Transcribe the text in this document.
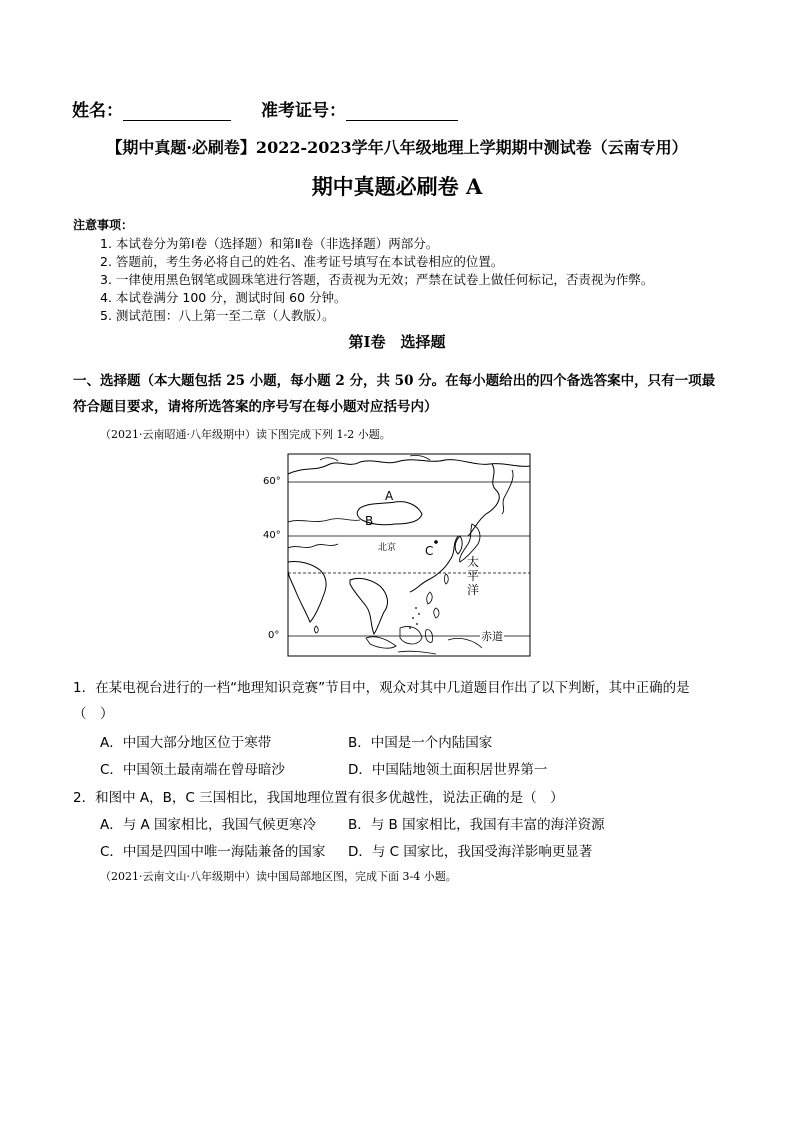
姓名：	准考证号：
【期中真题·必刷卷】2022-2023学年八年级地理上学期期中测试卷（云南专用）
期中真题必刷卷 A
注意事项：
1. 本试卷分为第Ⅰ卷（选择题）和第Ⅱ卷（非选择题）两部分。
2. 答题前，考生务必将自己的姓名、准考证号填写在本试卷相应的位置。
3. 一律使用黑色钢笔或圆珠笔进行答题，否责视为无效；严禁在试卷上做任何标记，否责视为作弊。
4. 本试卷满分 100 分，测试时间 60 分钟。
5. 测试范围：八上第一至二章（人教版）。
第Ⅰ卷　选择题
一、选择题（本大题包括 25 小题，每小题 2 分，共 50 分。在每小题给出的四个备选答案中，只有一项最
符合题目要求，请将所选答案的序号写在每小题对应括号内）
（2021·云南昭通·八年级期中）读下图完成下列 1-2 小题。
60°
40°
0°
A
B
C
北京
太
平
洋
赤道
1．在某电视台进行的一档“地理知识竞赛”节目中，观众对其中几道题目作出了以下判断，其中正确的是
（　）
A．中国大部分地区位于寒带	B．中国是一个内陆国家
C．中国领土最南端在曾母暗沙	D．中国陆地领土面积居世界第一
2．和图中 A，B，C 三国相比，我国地理位置有很多优越性，说法正确的是（　）
A．与 A 国家相比，我国气候更寒冷 B．与 B 国家相比，我国有丰富的海洋资源
C．中国是四国中唯一海陆兼备的国家 D．与 C 国家比，我国受海洋影响更显著
（2021·云南文山·八年级期中）读中国局部地区图，完成下面 3-4 小题。
